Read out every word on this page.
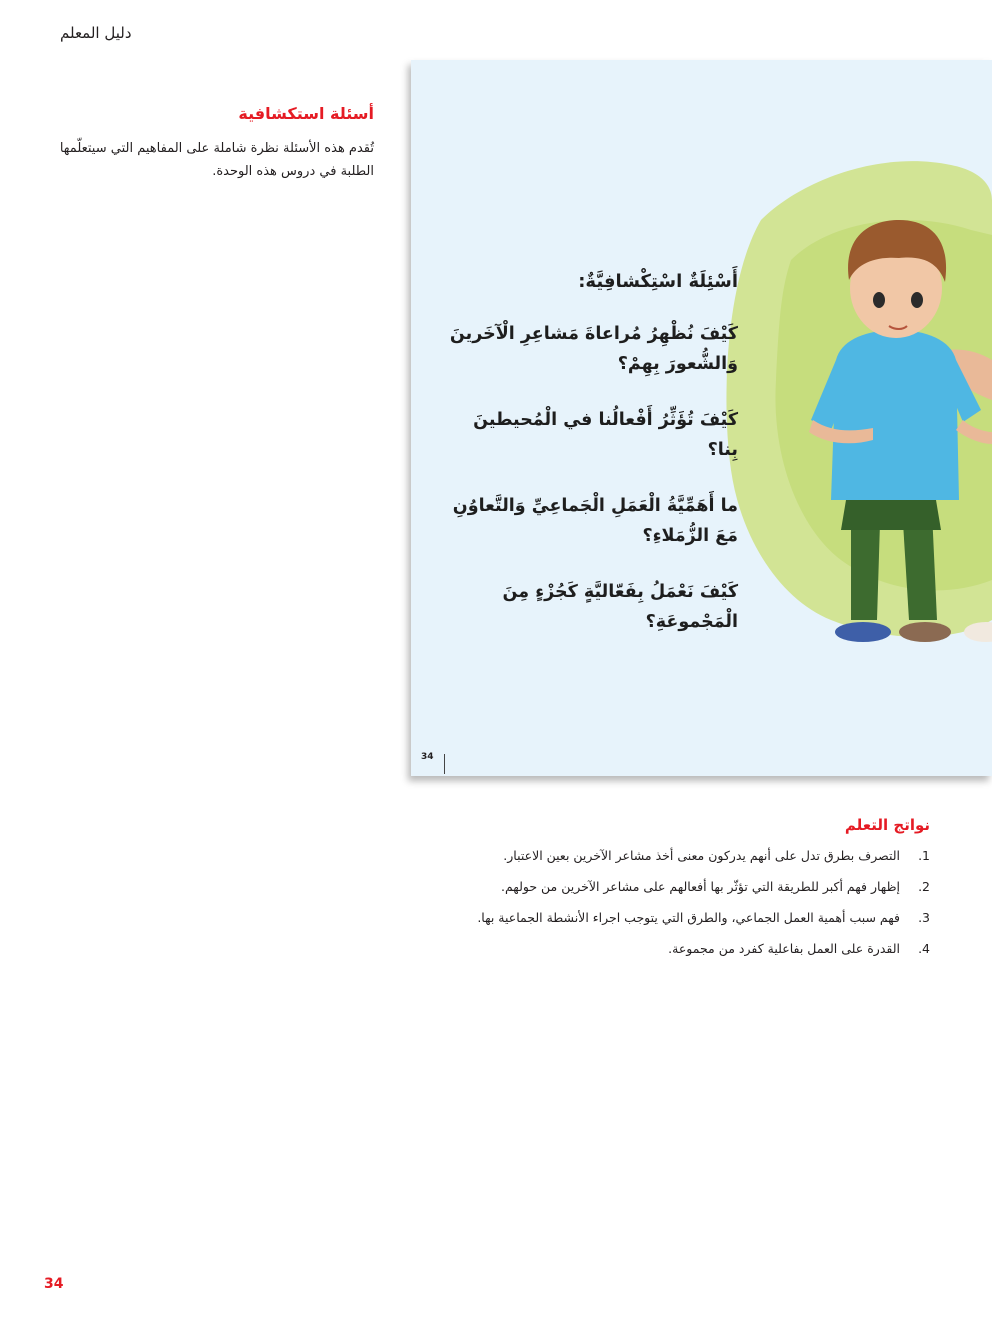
دليل المعلم
أسئلة استكشافية

تُقدم هذه الأسئلة نظرة شاملة على المفاهيم التي سيتعلّمها الطلبة في دروس هذه الوحدة.

أَسْئِلَةٌ اسْتِكْشافِيَّةٌ:

كَيْفَ نُظْهِرُ مُراعاةَ مَشاعِرِ الْآخَرينَ وَالشُّعورَ بِهِمْ؟

كَيْفَ تُؤَثِّرُ أَفْعالُنا في الْمُحيطينَ بِنا؟

ما أَهَمِّيَّةُ الْعَمَلِ الْجَماعِيِّ وَالتَّعاوُنِ مَعَ الزُّمَلاءِ؟

كَيْفَ نَعْمَلُ بِفَعّاليَّةٍ كَجُزْءٍ مِنَ الْمَجْموعَةِ؟

34
نواتج التعلم
1.
التصرف بطرق تدل على أنهم يدركون معنى أخذ مشاعر الآخرين بعين الاعتبار.
2.
إظهار فهم أكبر للطريقة التي تؤثّر بها أفعالهم على مشاعر الآخرين من حولهم.
3.
فهم سبب أهمية العمل الجماعي، والطرق التي يتوجب اجراء الأنشطة الجماعية بها.
4.
القدرة على العمل بفاعلية كفرد من مجموعة.
34
